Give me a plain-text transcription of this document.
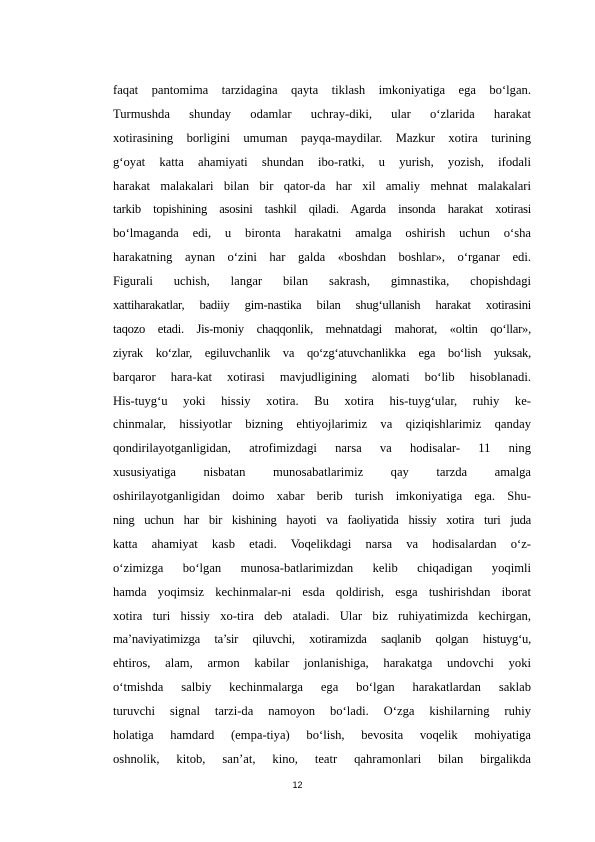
faqat pantomima tarzidagina qayta tiklash imkoniyatiga ega bo‘lgan.
Turmushda shunday odamlar uchray-diki, ular o‘zlarida harakat
xotirasining borligini umuman payqa-maydilar. Mazkur xotira turining
g‘oyat katta ahamiyati shundan ibo-ratki, u yurish, yozish, ifodali
harakat malakalari bilan bir qator-da har xil amaliy mehnat malakalari
tarkib topishining asosini tashkil qiladi. Agarda insonda harakat xotirasi
bo‘lmaganda edi, u bironta harakatni amalga oshirish uchun o‘sha
harakatning aynan o‘zini har galda «boshdan boshlar», o‘rganar edi.
Figurali uchish, langar bilan sakrash, gimnastika, chopishdagi
xattiharakatlar, badiiy gim-nastika bilan shug‘ullanish harakat xotirasini
taqozo etadi. Jis-moniy chaqqonlik, mehnatdagi mahorat, «oltin qo‘llar»,
ziyrak ko‘zlar, egiluvchanlik va qo‘zg‘atuvchanlikka ega bo‘lish yuksak,
barqaror hara-kat xotirasi mavjudligining alomati bo‘lib hisoblanadi.
His-tuyg‘u yoki hissiy xotira. Bu xotira his-tuyg‘ular, ruhiy ke-
chinmalar, hissiyotlar bizning ehtiyojlarimiz va qiziqishlarimiz qanday
qondirilayotganligidan, atrofimizdagi narsa va hodisalar- 11 ning
xususiyatiga nisbatan munosabatlarimiz qay tarzda amalga
oshirilayotganligidan doimo xabar berib turish imkoniyatiga ega. Shu-
ning uchun har bir kishining hayoti va faoliyatida hissiy xotira turi juda
katta ahamiyat kasb etadi. Voqelikdagi narsa va hodisalardan o‘z-
o‘zimizga bo‘lgan munosa-batlarimizdan kelib chiqadigan yoqimli
hamda yoqimsiz kechinmalar-ni esda qoldirish, esga tushirishdan iborat
xotira turi hissiy xo-tira deb ataladi. Ular biz ruhiyatimizda kechirgan,
ma’naviyatimizga ta’sir qiluvchi, xotiramizda saqlanib qolgan histuyg‘u,
ehtiros, alam, armon kabilar jonlanishiga, harakatga undovchi yoki
o‘tmishda salbiy kechinmalarga ega bo‘lgan harakatlardan saklab
turuvchi signal tarzi-da namoyon bo‘ladi. O‘zga kishilarning ruhiy
holatiga hamdard (empa-tiya) bo‘lish, bevosita voqelik mohiyatiga
oshnolik, kitob, san’at, kino, teatr qahramonlari bilan birgalikda
12
